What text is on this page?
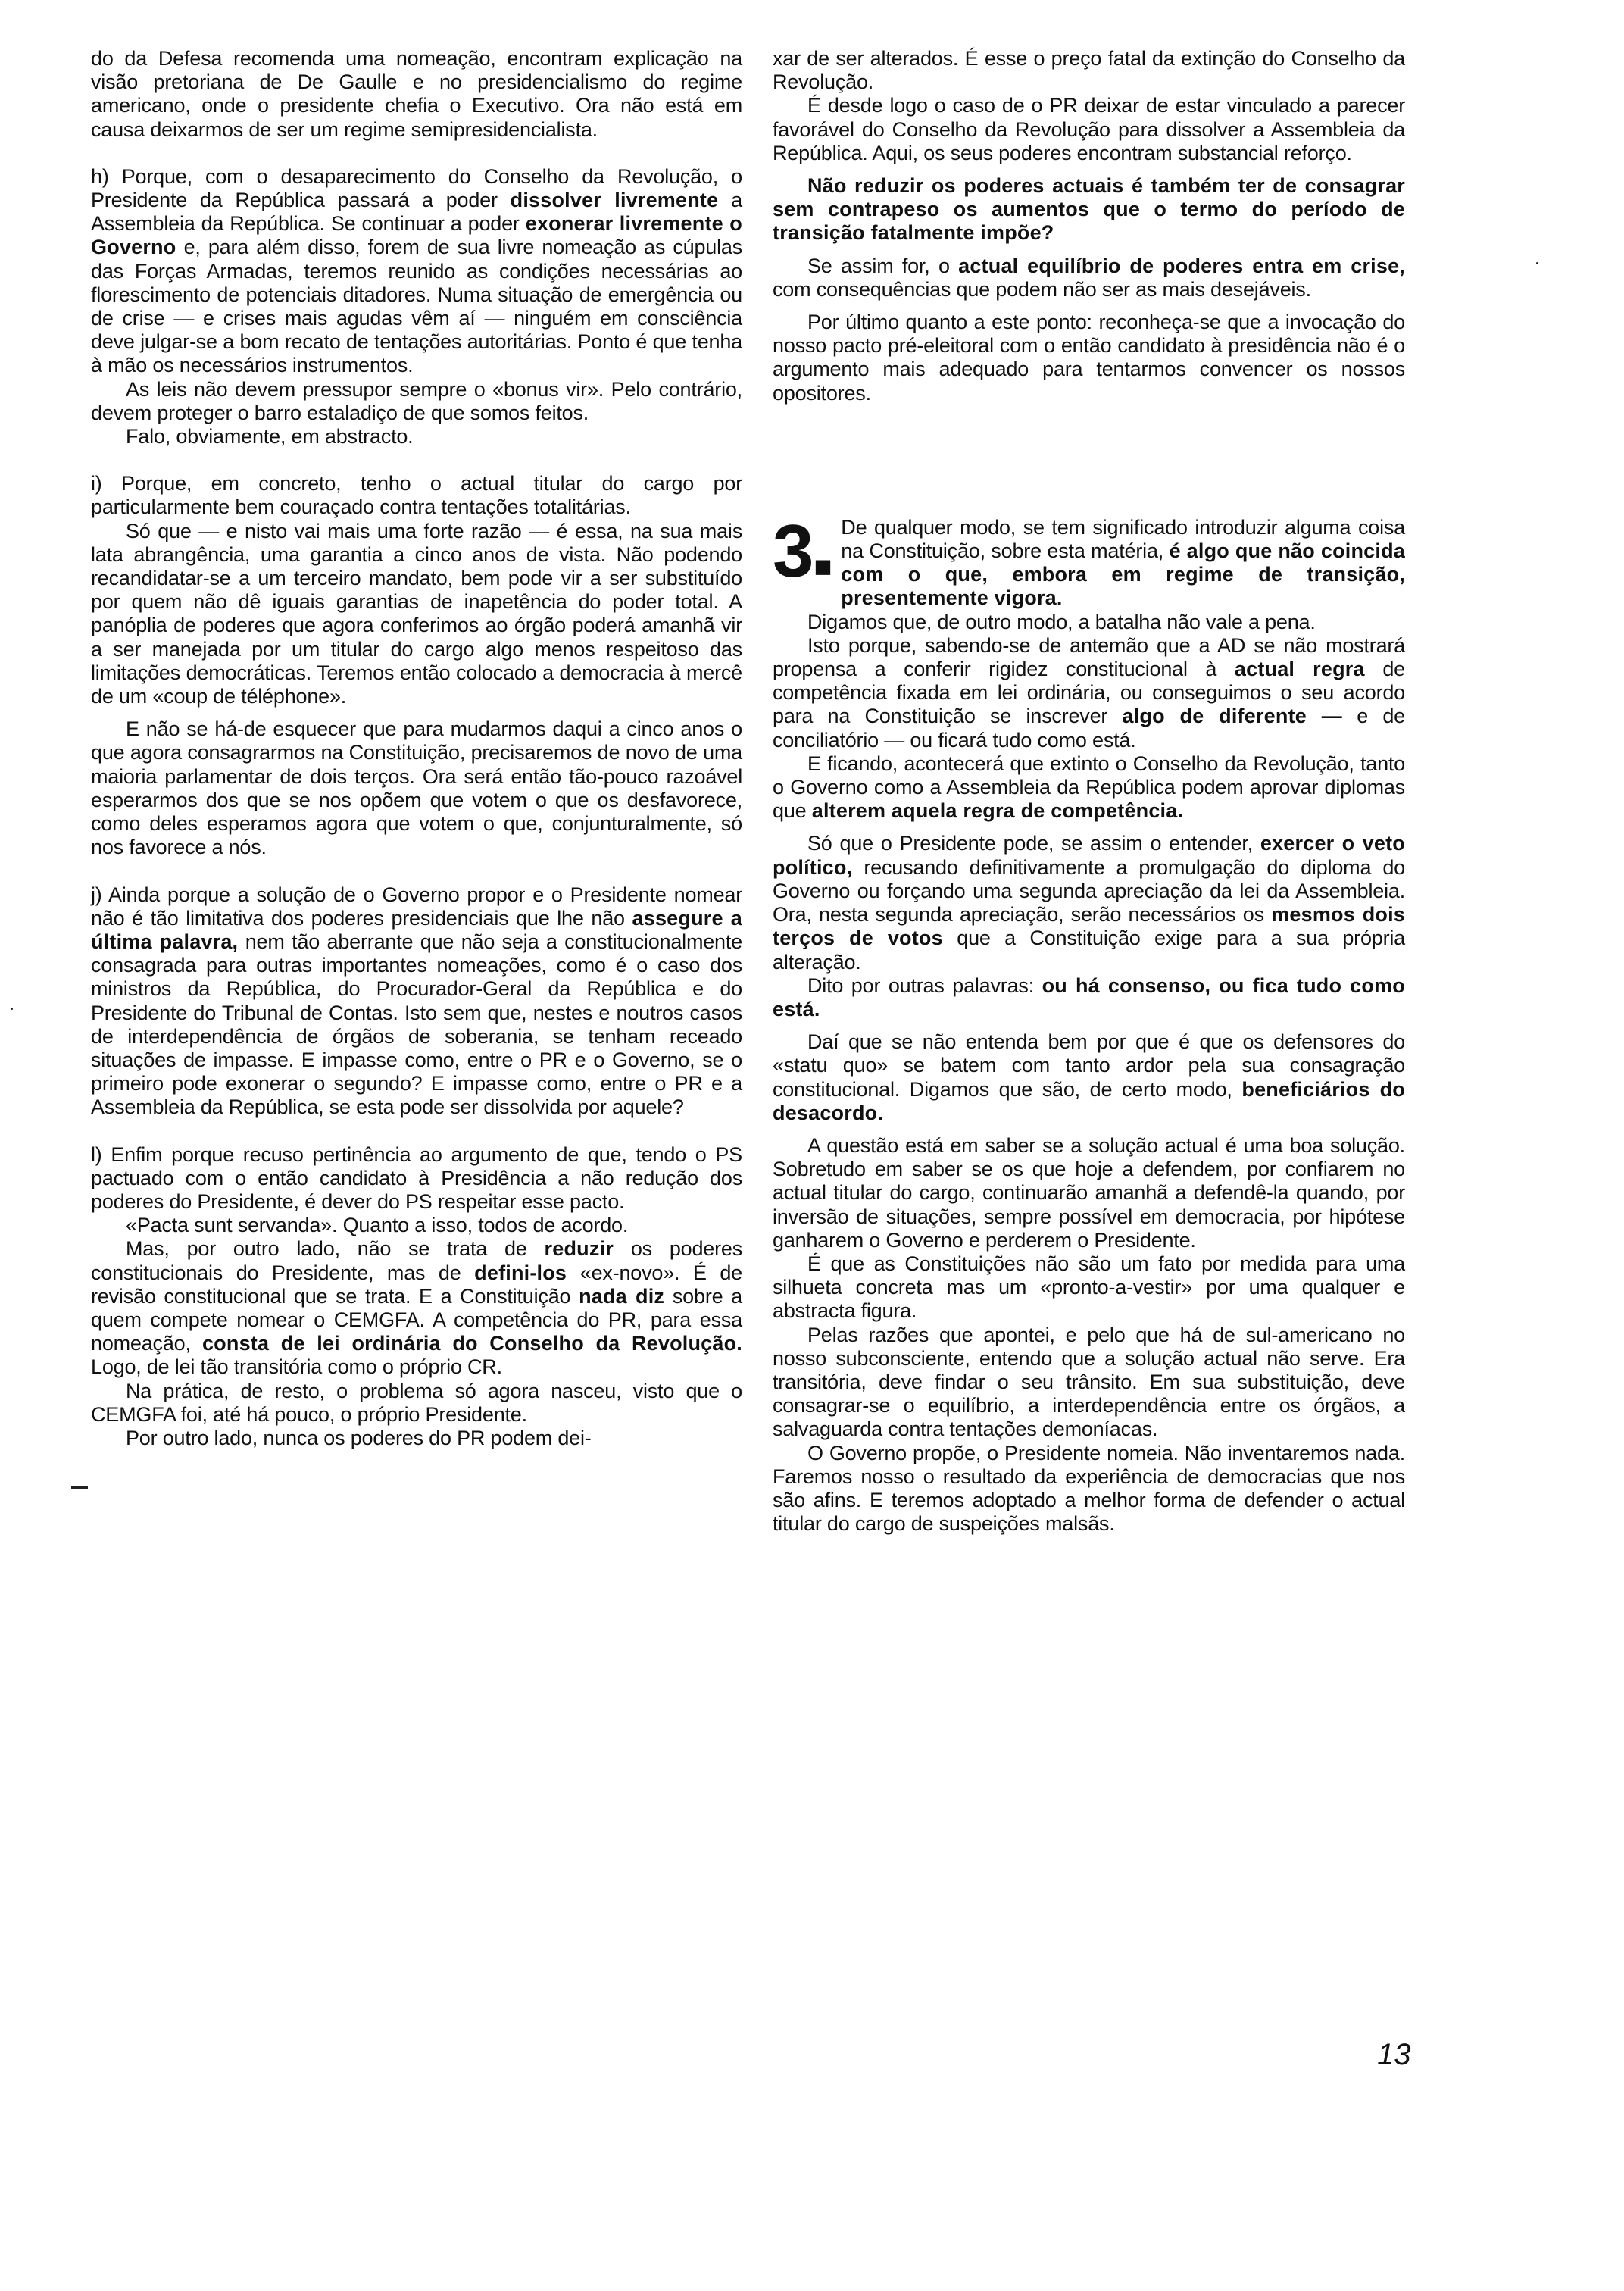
do da Defesa recomenda uma nomeação, encontram explicação na visão pretoriana de De Gaulle e no presidencialismo do regime americano, onde o presidente chefia o Executivo. Ora não está em causa deixarmos de ser um regime semipresidencialista.

h) Porque, com o desaparecimento do Conselho da Revolução, o Presidente da República passará a poder dissolver livremente a Assembleia da República. Se continuar a poder exonerar livremente o Governo e, para além disso, forem de sua livre nomeação as cúpulas das Forças Armadas, teremos reunido as condições necessárias ao florescimento de potenciais ditadores. Numa situação de emergência ou de crise — e crises mais agudas vêm aí — ninguém em consciência deve julgar-se a bom recato de tentações autoritárias. Ponto é que tenha à mão os necessários instrumentos.

As leis não devem pressupor sempre o «bonus vir». Pelo contrário, devem proteger o barro estaladiço de que somos feitos.

Falo, obviamente, em abstracto.

i) Porque, em concreto, tenho o actual titular do cargo por particularmente bem couraçado contra tentações totalitárias.

Só que — e nisto vai mais uma forte razão — é essa, na sua mais lata abrangência, uma garantia a cinco anos de vista. Não podendo recandidatar-se a um terceiro mandato, bem pode vir a ser substituído por quem não dê iguais garantias de inapetência do poder total. A panóplia de poderes que agora conferimos ao órgão poderá amanhã vir a ser manejada por um titular do cargo algo menos respeitoso das limitações democráticas. Teremos então colocado a democracia à mercê de um «coup de téléphone».

E não se há-de esquecer que para mudarmos daqui a cinco anos o que agora consagrarmos na Constituição, precisaremos de novo de uma maioria parlamentar de dois terços. Ora será então tão-pouco razoável esperarmos dos que se nos opõem que votem o que os desfavorece, como deles esperamos agora que votem o que, conjunturalmente, só nos favorece a nós.

j) Ainda porque a solução de o Governo propor e o Presidente nomear não é tão limitativa dos poderes presidenciais que lhe não assegure a última palavra, nem tão aberrante que não seja a constitucionalmente consagrada para outras importantes nomeações, como é o caso dos ministros da República, do Procurador-Geral da República e do Presidente do Tribunal de Contas. Isto sem que, nestes e noutros casos de interdependência de órgãos de soberania, se tenham receado situações de impasse. E impasse como, entre o PR e o Governo, se o primeiro pode exonerar o segundo? E impasse como, entre o PR e a Assembleia da República, se esta pode ser dissolvida por aquele?

l) Enfim porque recuso pertinência ao argumento de que, tendo o PS pactuado com o então candidato à Presidência a não redução dos poderes do Presidente, é dever do PS respeitar esse pacto.

«Pacta sunt servanda». Quanto a isso, todos de acordo.

Mas, por outro lado, não se trata de reduzir os poderes constitucionais do Presidente, mas de defini-los «ex-novo». É de revisão constitucional que se trata. E a Constituição nada diz sobre a quem compete nomear o CEMGFA. A competência do PR, para essa nomeação, consta de lei ordinária do Conselho da Revolução. Logo, de lei tão transitória como o próprio CR.

Na prática, de resto, o problema só agora nasceu, visto que o CEMGFA foi, até há pouco, o próprio Presidente.

Por outro lado, nunca os poderes do PR podem dei-

xar de ser alterados. É esse o preço fatal da extinção do Conselho da Revolução.

É desde logo o caso de o PR deixar de estar vinculado a parecer favorável do Conselho da Revolução para dissolver a Assembleia da República. Aqui, os seus poderes encontram substancial reforço.

Não reduzir os poderes actuais é também ter de consagrar sem contrapeso os aumentos que o termo do período de transição fatalmente impõe?

Se assim for, o actual equilíbrio de poderes entra em crise, com consequências que podem não ser as mais desejáveis.

Por último quanto a este ponto: reconheça-se que a invocação do nosso pacto pré-eleitoral com o então candidato à presidência não é o argumento mais adequado para tentarmos convencer os nossos opositores.

3■
De qualquer modo, se tem significado introduzir alguma coisa na Constituição, sobre esta matéria, é algo que não coincida com o que, embora em regime de transição, presentemente vigora.

Digamos que, de outro modo, a batalha não vale a pena.

Isto porque, sabendo-se de antemão que a AD se não mostrará propensa a conferir rigidez constitucional à actual regra de competência fixada em lei ordinária, ou conseguimos o seu acordo para na Constituição se inscrever algo de diferente — e de conciliatório — ou ficará tudo como está.

E ficando, acontecerá que extinto o Conselho da Revolução, tanto o Governo como a Assembleia da República podem aprovar diplomas que alterem aquela regra de competência.

Só que o Presidente pode, se assim o entender, exercer o veto político, recusando definitivamente a promulgação do diploma do Governo ou forçando uma segunda apreciação da lei da Assembleia. Ora, nesta segunda apreciação, serão necessários os mesmos dois terços de votos que a Constituição exige para a sua própria alteração.

Dito por outras palavras: ou há consenso, ou fica tudo como está.

Daí que se não entenda bem por que é que os defensores do «statu quo» se batem com tanto ardor pela sua consagração constitucional. Digamos que são, de certo modo, beneficiários do desacordo.

A questão está em saber se a solução actual é uma boa solução. Sobretudo em saber se os que hoje a defendem, por confiarem no actual titular do cargo, continuarão amanhã a defendê-la quando, por inversão de situações, sempre possível em democracia, por hipótese ganharem o Governo e perderem o Presidente.

É que as Constituições não são um fato por medida para uma silhueta concreta mas um «pronto-a-vestir» por uma qualquer e abstracta figura.

Pelas razões que apontei, e pelo que há de sul-americano no nosso subconsciente, entendo que a solução actual não serve. Era transitória, deve findar o seu trânsito. Em sua substituição, deve consagrar-se o equilíbrio, a interdependência entre os órgãos, a salvaguarda contra tentações demoníacas.

O Governo propõe, o Presidente nomeia. Não inventaremos nada. Faremos nosso o resultado da experiência de democracias que nos são afins. E teremos adoptado a melhor forma de defender o actual titular do cargo de suspeições malsãs.

13
